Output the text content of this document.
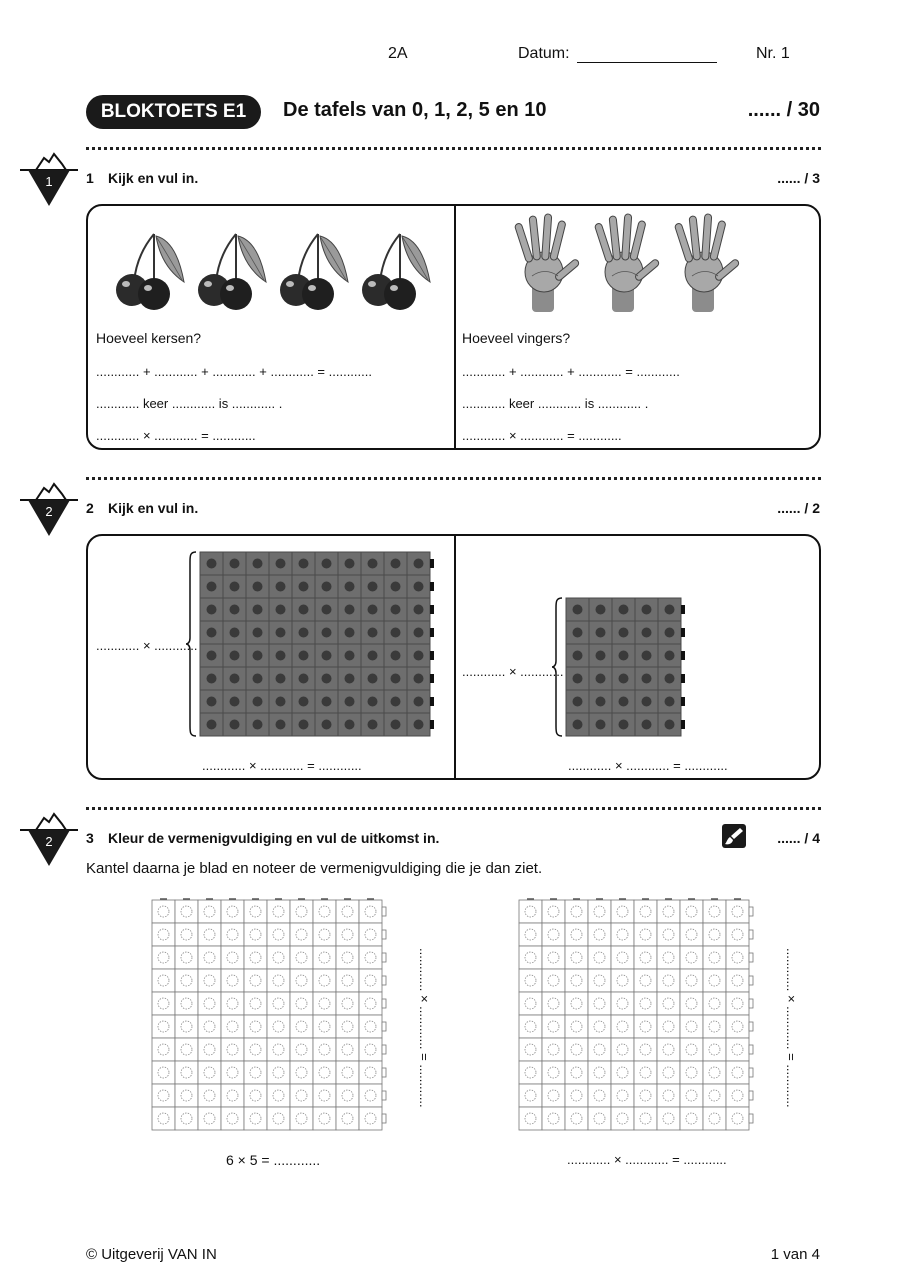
2A	Datum:	Nr. 1
BLOKTOETS E1	De tafels van 0, 1, 2, 5 en 10	...... / 30
1 1 Kijk en vul in.	...... / 3
Hoeveel kersen?
............ + ............ + ............ + ............ = ............
............ keer ............ is ............ .
............ × ............ = ............
Hoeveel vingers?
............ + ............ + ............ = ............
............ keer ............ is ............ .
............ × ............ = ............
2 2 Kijk en vul in.	...... / 2
............ × ............
............ × ............ = ............
............ × ............
............ × ............ = ............
2 3 Kleur de vermenigvuldiging en vul de uitkomst in.	...... / 4
Kantel daarna je blad en noteer de vermenigvuldiging die je dan ziet.
............ × ............ = ............
6 × 5 = ............
............ × ............ = ............
............ × ............ = ............
© Uitgeverij VAN IN	1 van 4
